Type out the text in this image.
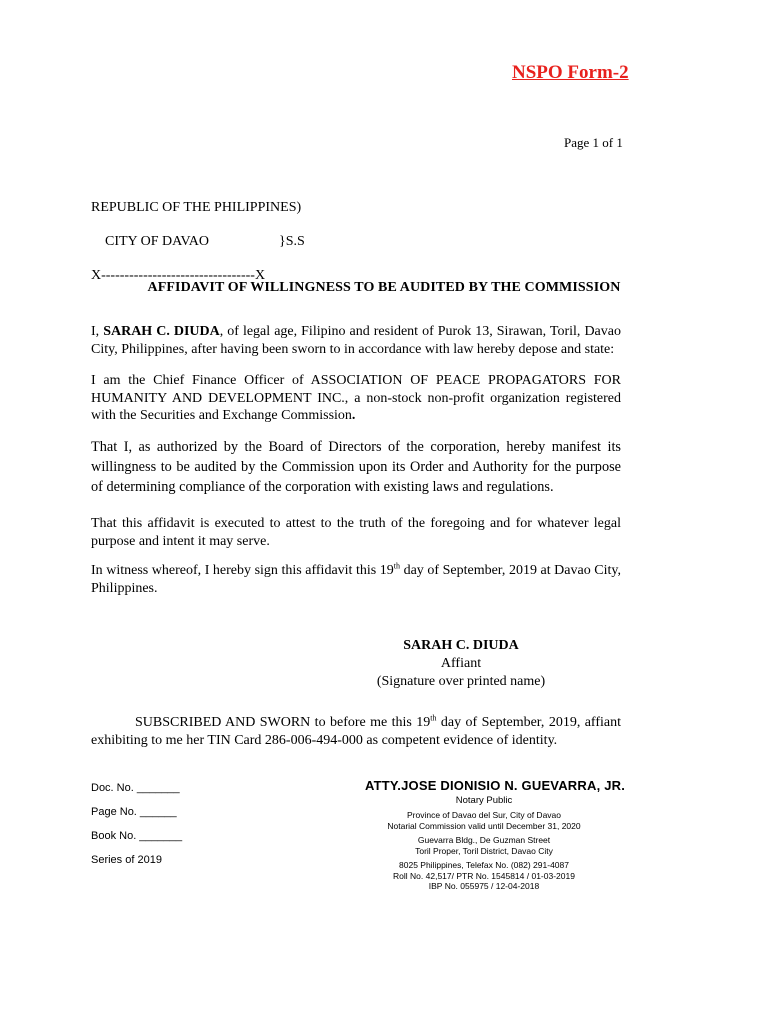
NSPO Form-2
Page 1 of 1
REPUBLIC OF THE PHILIPPINES)

CITY OF DAVAO	}S.S

X---------------------------------X
AFFIDAVIT OF WILLINGNESS TO BE AUDITED BY THE COMMISSION
I, SARAH C. DIUDA, of legal age, Filipino and resident of Purok 13, Sirawan, Toril, Davao City, Philippines, after having been sworn to in accordance with law hereby depose and state:
I am the Chief Finance Officer of ASSOCIATION OF PEACE PROPAGATORS FOR HUMANITY AND DEVELOPMENT INC., a non-stock non-profit organization registered with the Securities and Exchange Commission.
That I, as authorized by the Board of Directors of the corporation, hereby manifest its willingness to be audited by the Commission upon its Order and Authority for the purpose of determining compliance of the corporation with existing laws and regulations.
That this affidavit is executed to attest to the truth of the foregoing and for whatever legal purpose and intent it may serve.
In witness whereof, I hereby sign this affidavit this 19th day of September, 2019 at Davao City, Philippines.
SARAH C. DIUDA
Affiant
(Signature over printed name)
SUBSCRIBED AND SWORN to before me this 19th day of September, 2019, affiant exhibiting to me her TIN Card 286-006-494-000 as competent evidence of identity.
Doc. No. _______
Page No. ______
Book No. _______
Series of 2019
ATTY.JOSE DIONISIO N. GUEVARRA, JR.
Notary Public
Province of Davao del Sur, City of Davao
Notarial Commission valid until December 31, 2020
Guevarra Bldg., De Guzman Street
Toril Proper, Toril District, Davao City
8025 Philippines, Telefax No. (082) 291-4087
Roll No. 42,517/ PTR No. 1545814 / 01-03-2019
IBP No. 055975 / 12-04-2018
